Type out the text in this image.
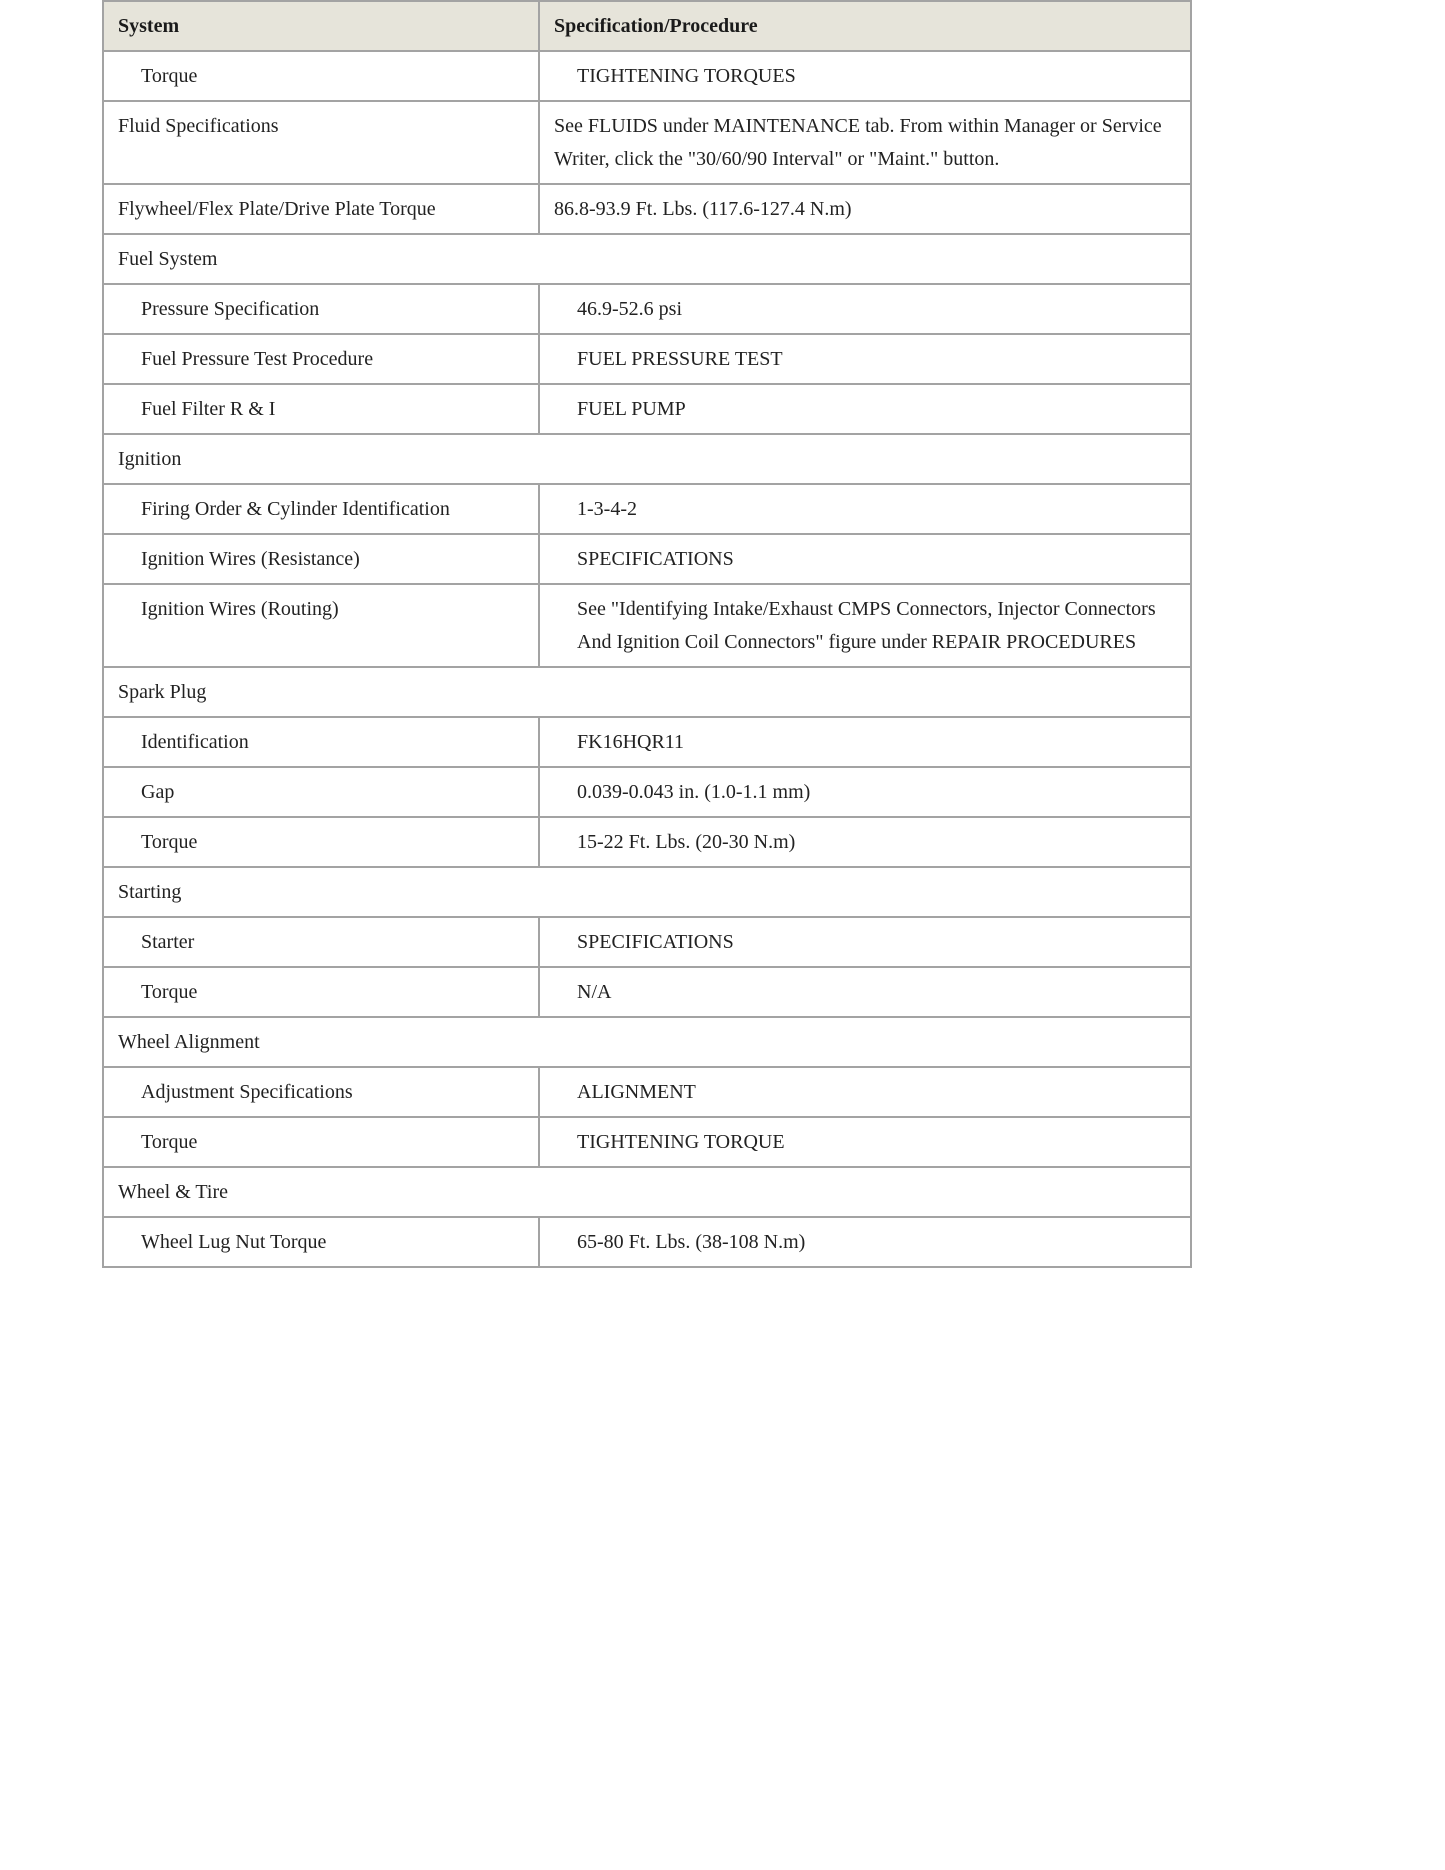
System	Specification/Procedure
Torque	TIGHTENING TORQUES
Fluid Specifications	See FLUIDS under MAINTENANCE tab. From within Manager or Service Writer, click the "30/60/90 Interval" or "Maint." button.
Flywheel/Flex Plate/Drive Plate Torque	86.8-93.9 Ft. Lbs. (117.6-127.4 N.m)
Fuel System	
Pressure Specification	46.9-52.6 psi
Fuel Pressure Test Procedure	FUEL PRESSURE TEST
Fuel Filter R & I	FUEL PUMP
Ignition	
Firing Order & Cylinder Identification	1-3-4-2
Ignition Wires (Resistance)	SPECIFICATIONS
Ignition Wires (Routing)	See "Identifying Intake/Exhaust CMPS Connectors, Injector Connectors And Ignition Coil Connectors" figure under REPAIR PROCEDURES
Spark Plug	
Identification	FK16HQR11
Gap	0.039-0.043 in. (1.0-1.1 mm)
Torque	15-22 Ft. Lbs. (20-30 N.m)
Starting	
Starter	SPECIFICATIONS
Torque	N/A
Wheel Alignment	
Adjustment Specifications	ALIGNMENT
Torque	TIGHTENING TORQUE
Wheel & Tire	
Wheel Lug Nut Torque	65-80 Ft. Lbs. (38-108 N.m)
